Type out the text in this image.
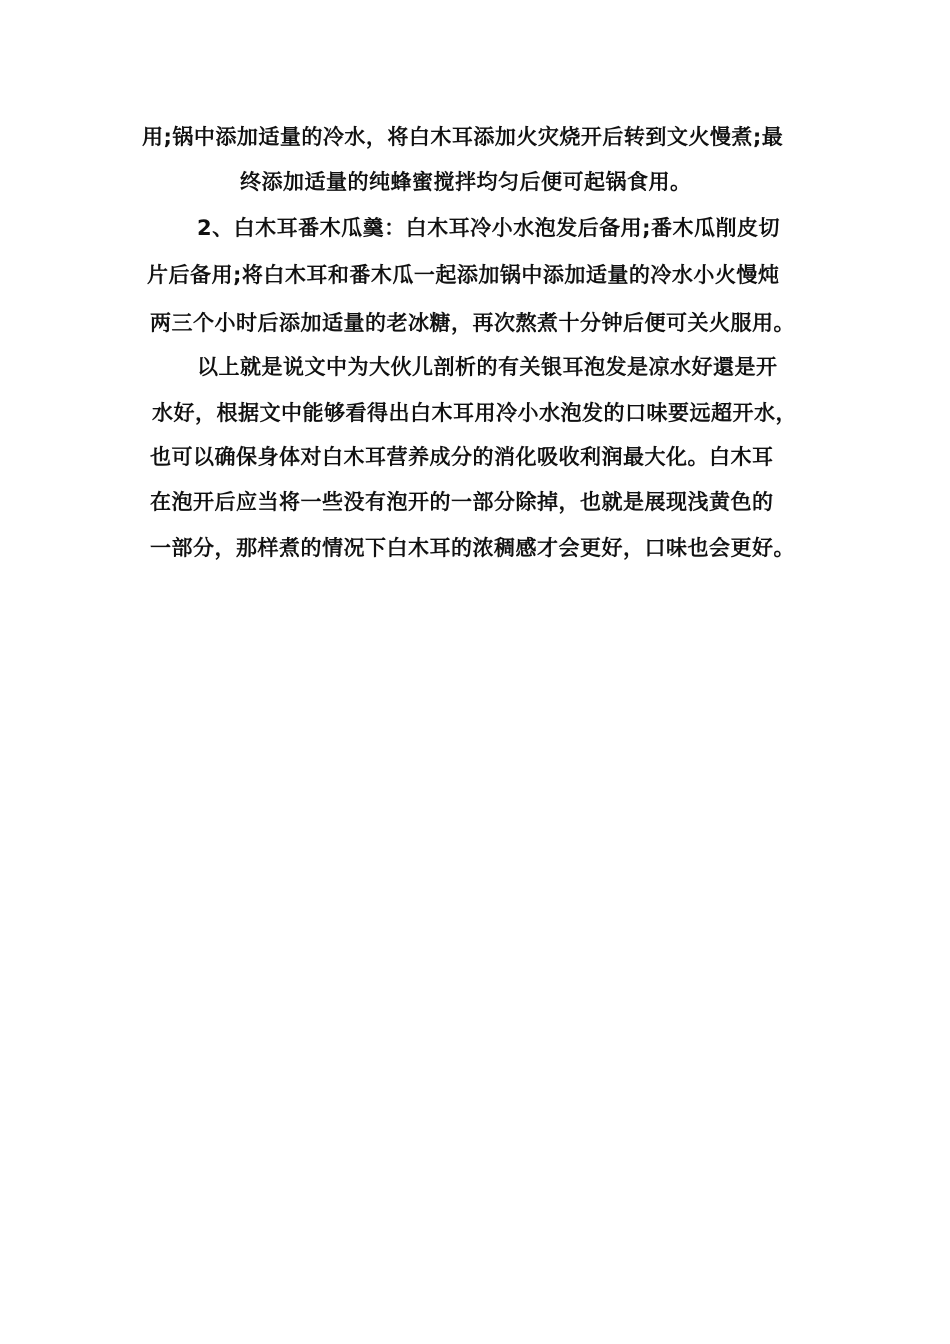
用;锅中添加适量的冷水，将白木耳添加火灾烧开后转到文火慢煮;最
终添加适量的纯蜂蜜搅拌均匀后便可起锅食用。
2、白木耳番木瓜羹：白木耳冷小水泡发后备用;番木瓜削皮切
片后备用;将白木耳和番木瓜一起添加锅中添加适量的冷水小火慢炖
两三个小时后添加适量的老冰糖，再次熬煮十分钟后便可关火服用。
以上就是说文中为大伙儿剖析的有关银耳泡发是凉水好還是开
水好，根据文中能够看得出白木耳用冷小水泡发的口味要远超开水，
也可以确保身体对白木耳营养成分的消化吸收利润最大化。白木耳
在泡开后应当将一些没有泡开的一部分除掉，也就是展现浅黄色的
一部分，那样煮的情况下白木耳的浓稠感才会更好，口味也会更好。
